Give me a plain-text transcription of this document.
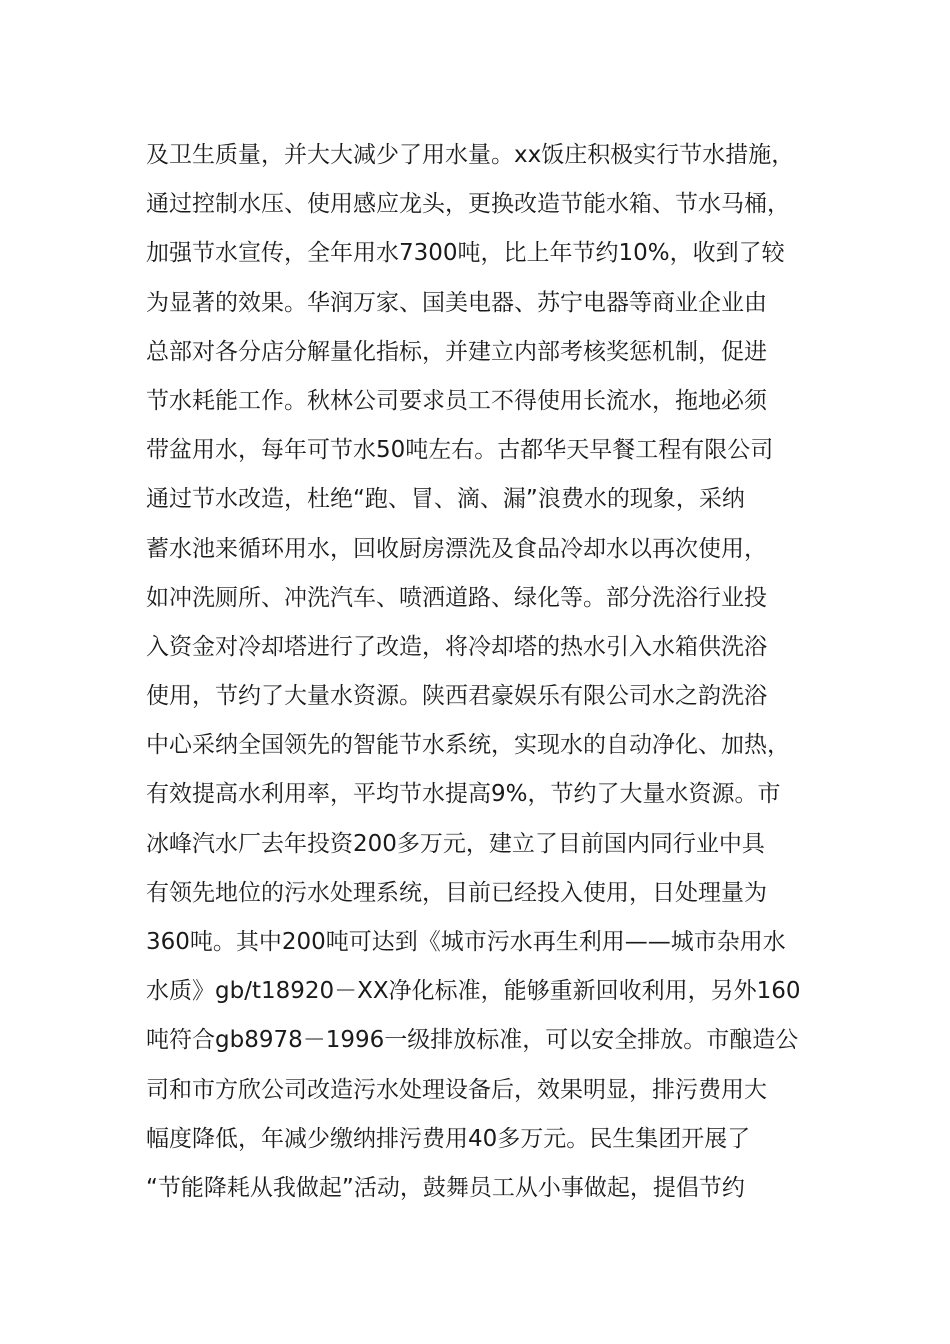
及卫生质量，并大大减少了用水量。xx饭庄积极实行节水措施，
通过控制水压、使用感应龙头，更换改造节能水箱、节水马桶，
加强节水宣传，全年用水7300吨，比上年节约10%，收到了较
为显著的效果。华润万家、国美电器、苏宁电器等商业企业由
总部对各分店分解量化指标，并建立内部考核奖惩机制，促进
节水耗能工作。秋林公司要求员工不得使用长流水，拖地必须
带盆用水，每年可节水50吨左右。古都华天早餐工程有限公司
通过节水改造，杜绝“跑、冒、滴、漏”浪费水的现象，采纳
蓄水池来循环用水，回收厨房漂洗及食品冷却水以再次使用，
如冲洗厕所、冲洗汽车、喷洒道路、绿化等。部分洗浴行业投
入资金对冷却塔进行了改造，将冷却塔的热水引入水箱供洗浴
使用，节约了大量水资源。陕西君豪娱乐有限公司水之韵洗浴
中心采纳全国领先的智能节水系统，实现水的自动净化、加热，
有效提高水利用率，平均节水提高9%，节约了大量水资源。市
冰峰汽水厂去年投资200多万元，建立了目前国内同行业中具
有领先地位的污水处理系统，目前已经投入使用，日处理量为
360吨。其中200吨可达到《城市污水再生利用——城市杂用水
水质》gb/t18920－XX净化标准，能够重新回收利用，另外160
吨符合gb8978－1996一级排放标准，可以安全排放。市酿造公
司和市方欣公司改造污水处理设备后，效果明显，排污费用大
幅度降低，年减少缴纳排污费用40多万元。民生集团开展了
“节能降耗从我做起”活动，鼓舞员工从小事做起，提倡节约
